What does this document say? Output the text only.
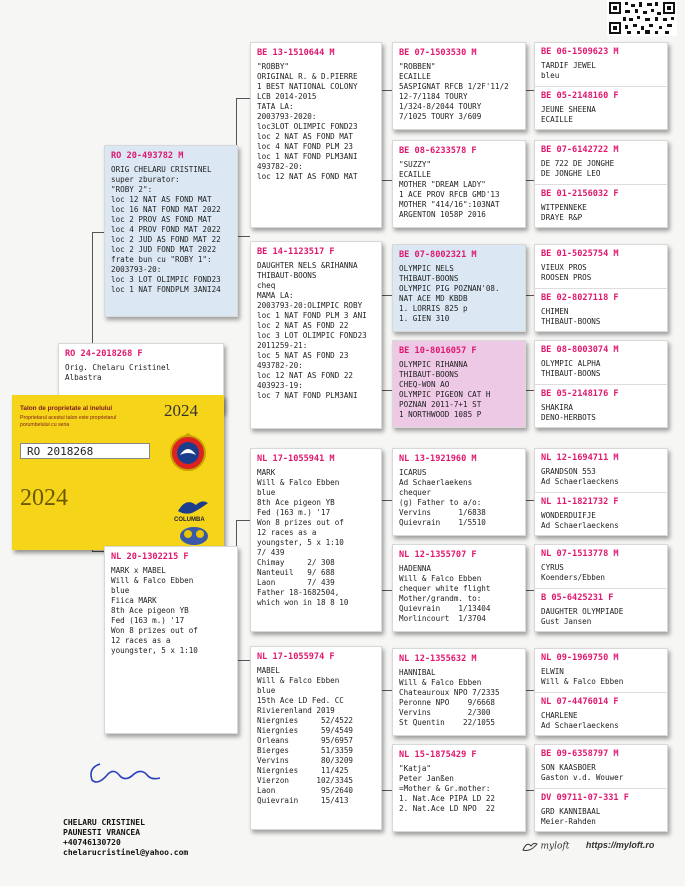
RO 24-2018268 F
Orig. Chelaru Cristinel
Albastra
Talon de proprietate al inelului
Proprietarul acestui talon este proprietarul porumbelului cu seria
2024
RO 2018268
2024
COLUMBA
RO 20-493782 M
ORIG CHELARU CRISTINEL
super zburator:
"ROBY 2":
loc 12 NAT AS FOND MAT
loc 16 NAT FOND MAT 2022
loc 2 PROV AS FOND MAT
loc 4 PROV FOND MAT 2022
loc 2 JUD AS FOND MAT 22
loc 2 JUD FOND MAT 2022
frate bun cu "ROBY 1":
2003793-20:
loc 3 LOT OLIMPIC FOND23
loc 1 NAT FONDPLM 3ANI24
NL 20-1302215 F
MARK x MABEL
Will & Falco Ebben
blue
Fiica MARK
8th Ace pigeon YB
Fed (163 m.) '17
Won 8 prizes out of
12 races as a
youngster, 5 x 1:10
BE 13-1510644 M
"ROBBY"
ORIGINAL R. & D.PIERRE
1 BEST NATIONAL COLONY
LCB 2014-2015
TATA LA:
2003793-2020:
loc3LOT OLIMPIC FOND23
loc 2 NAT AS FOND MAT
loc 4 NAT FOND PLM 23
loc 1 NAT FOND PLM3ANI
493782-20:
loc 12 NAT AS FOND MAT
BE 14-1123517 F
DAUGHTER NELS &RIHANNA
THIBAUT-BOONS
cheq
MAMA LA:
2003793-20:OLIMPIC ROBY
loc 1 NAT FOND PLM 3 ANI
loc 2 NAT AS FOND 22
loc 3 LOT OLIMPIC FOND23
2011259-21:
loc 5 NAT AS FOND 23
493782-20:
loc 12 NAT AS FOND 22
403923-19:
loc 7 NAT FOND PLM3ANI
NL 17-1055941 M
MARK
Will & Falco Ebben
blue
8th Ace pigeon YB
Fed (163 m.) '17
Won 8 prizes out of
12 races as a
youngster, 5 x 1:10
7/ 439
Chimay     2/ 308
Nanteuil   9/ 688
Laon       7/ 439
Father 18-1682504,
which won in 18 8 10
NL 17-1055974 F
MABEL
Will & Falco Ebben
blue
15th Ace LD Fed. CC
Rivierenland 2019
Niergnies     52/4522
Niergnies     59/4549
Orleans       95/6957
Bierges       51/3359
Vervins       80/3209
Niergnies     11/425
Vierzon      102/3345
Laon          95/2640
Quievrain     15/413
BE 07-1503530 M
"ROBBEN"
ECAILLE
5ASPIGNAT RFCB 1/2F'11/2
12-7/1184 TOURY
1/324-8/2044 TOURY
7/1025 TOURY 3/609
BE 08-6233578 F
"SUZZY"
ECAILLE
MOTHER "DREAM LADY"
1 ACE PROV RFCB GMD'13
MOTHER "414/16":103NAT
ARGENTON 1058P 2016
BE 07-8002321 M
OLYMPIC NELS
THIBAUT-BOONS
OLYMPIC PIG POZNAN'08.
NAT ACE MD KBDB
1. LORRIS 825 p
1. GIEN 310
BE 10-8016057 F
OLYMPIC RIHANNA
THIBAUT-BOONS
CHEQ-WON AO
OLYMPIC PIGEON CAT H
POZNAN 2011-7+1 ST
1 NORTHWOOD 1085 P
NL 13-1921960 M
ICARUS
Ad Schaerlaekens
chequer
(g) Father to a/o:
Vervins      1/6838
Quievrain    1/5510
NL 12-1355707 F
HADENNA
Will & Falco Ebben
chequer white flight
Mother/grandm. to:
Quievrain    1/13404
Morlincourt  1/3704
NL 12-1355632 M
HANNIBAL
Will & Falco Ebben
Chateauroux NPO 7/2335
Peronne NPO    9/6668
Vervins        2/300
St Quentin    22/1055
NL 15-1875429 F
"Katja"
Peter Janßen
=Mother & Gr.mother:
1. Nat.Ace PIPA LD 22
2. Nat.Ace LD NPO  22
BE 06-1509623 M
TARDIF JEWEL
bleu
BE 05-2148160 F
JEUNE SHEENA
ECAILLE
BE 07-6142722 M
DE 722 DE JONGHE
DE JONGHE LEO
BE 01-2156032 F
WITPENNEKE
DRAYE R&P
BE 01-5025754 M
VIEUX PROS
ROOSEN PROS
BE 02-8027118 F
CHIMEN
THIBAUT-BOONS
BE 08-8003074 M
OLYMPIC ALPHA
THIBAUT-BOONS
BE 05-2148176 F
SHAKIRA
DENO-HERBOTS
NL 12-1694711 M
GRANDSON 553
Ad Schaerlaeckens
NL 11-1821732 F
WONDERDUIFJE
Ad Schaerlaeckens
NL 07-1513778 M
CYRUS
Koenders/Ebben
B 05-6425231 F
DAUGHTER OLYMPIADE
Gust Jansen
NL 09-1969750 M
ELWIN
Will & Falco Ebben
NL 07-4476014 F
CHARLENE
Ad Schaerlaeckens
BE 09-6358797 M
SON KAASBOER
Gaston v.d. Wouwer
DV 09711-07-331 F
GRD KANNIBAAL
Meier-Rahden
CHELARU CRISTINEL
PAUNESTI VRANCEA
+40746130720
chelarucristinel@yahoo.com
myloft https://myloft.ro
